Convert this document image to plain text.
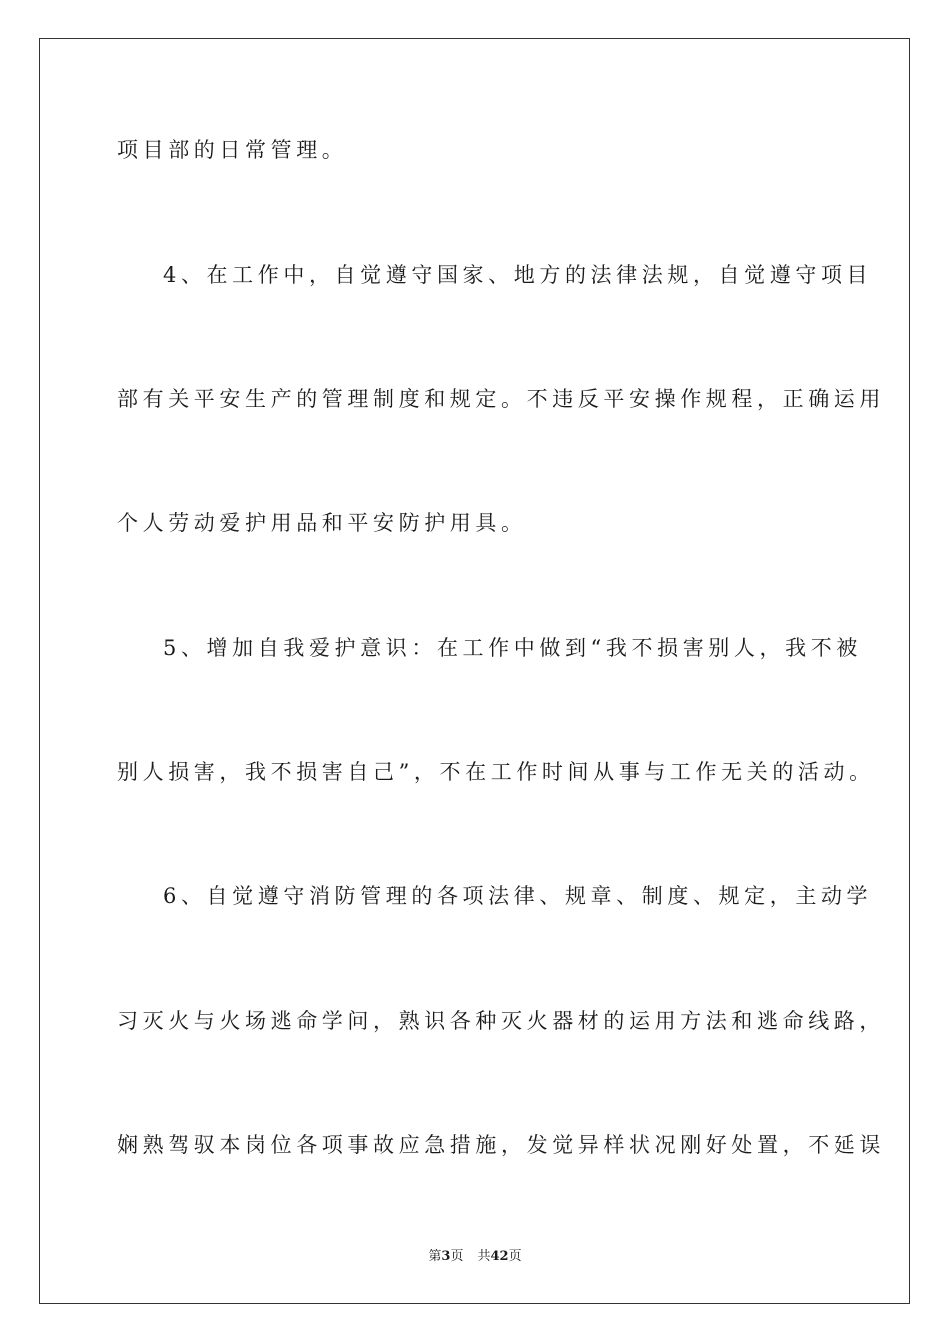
项目部的日常管理。
4、在工作中，自觉遵守国家、地方的法律法规，自觉遵守项目
部有关平安生产的管理制度和规定。不违反平安操作规程，正确运用
个人劳动爱护用品和平安防护用具。
5、增加自我爱护意识：在工作中做到“我不损害别人，我不被
别人损害，我不损害自己”，不在工作时间从事与工作无关的活动。
6、自觉遵守消防管理的各项法律、规章、制度、规定，主动学
习灭火与火场逃命学问，熟识各种灭火器材的运用方法和逃命线路，
娴熟驾驭本岗位各项事故应急措施，发觉异样状况刚好处置，不延误
第3页 共42页
